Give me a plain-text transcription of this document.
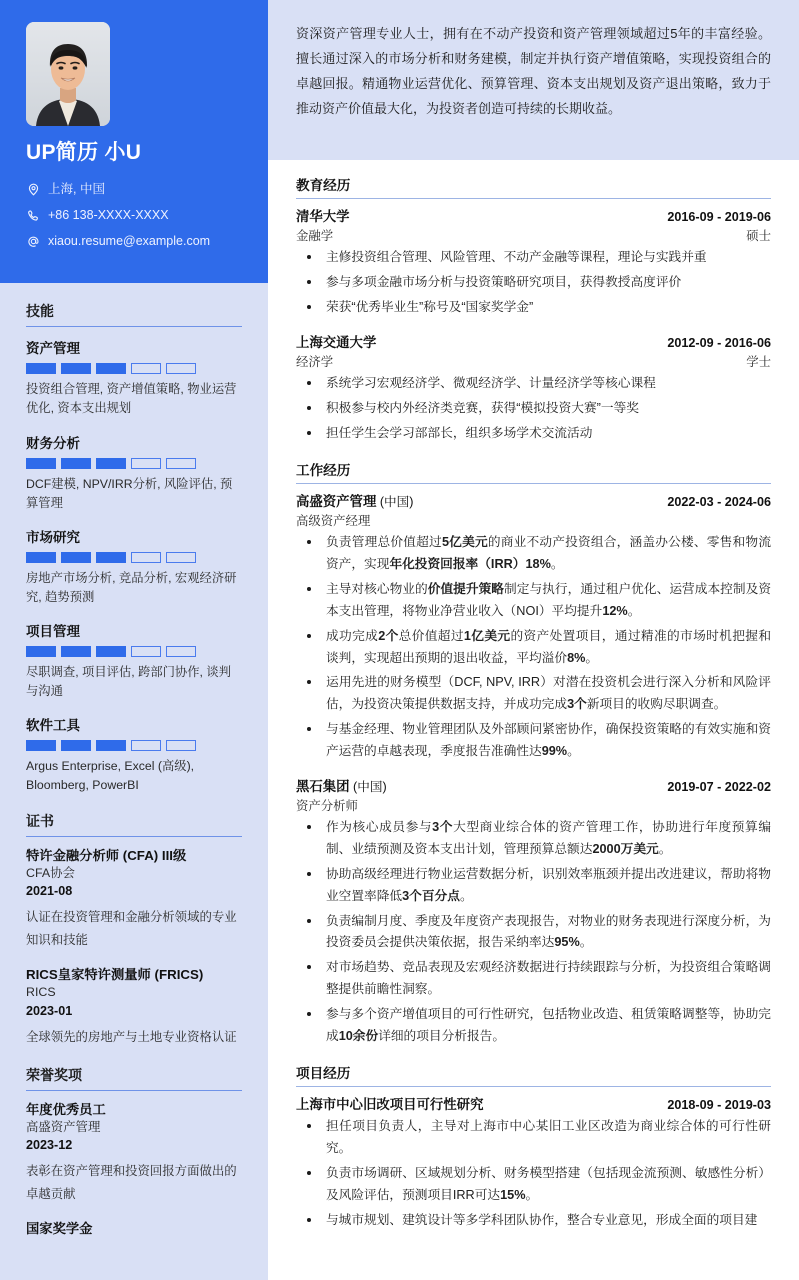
UP简历 小U
上海, 中国
+86 138-XXXX-XXXX
xiaou.resume@example.com
技能
资产管理
投资组合管理, 资产增值策略, 物业运营优化, 资本支出规划
财务分析
DCF建模, NPV/IRR分析, 风险评估, 预算管理
市场研究
房地产市场分析, 竞品分析, 宏观经济研究, 趋势预测
项目管理
尽职调查, 项目评估, 跨部门协作, 谈判与沟通
软件工具
Argus Enterprise, Excel (高级), Bloomberg, PowerBI
证书
特许金融分析师 (CFA) III级
CFA协会
2021-08
认证在投资管理和金融分析领域的专业知识和技能
RICS皇家特许测量师 (FRICS)
RICS
2023-01
全球领先的房地产与土地专业资格认证
荣誉奖项
年度优秀员工
高盛资产管理
2023-12
表彰在资产管理和投资回报方面做出的卓越贡献
国家奖学金
资深资产管理专业人士，拥有在不动产投资和资产管理领域超过5年的丰富经验。擅长通过深入的市场分析和财务建模，制定并执行资产增值策略，实现投资组合的卓越回报。精通物业运营优化、预算管理、资本支出规划及资产退出策略，致力于推动资产价值最大化，为投资者创造可持续的长期收益。
教育经历
清华大学	2016-09 - 2019-06
金融学	硕士
主修投资组合管理、风险管理、不动产金融等课程，理论与实践并重
参与多项金融市场分析与投资策略研究项目，获得教授高度评价
荣获“优秀毕业生”称号及“国家奖学金”
上海交通大学	2012-09 - 2016-06
经济学	学士
系统学习宏观经济学、微观经济学、计量经济学等核心课程
积极参与校内外经济类竞赛，获得“模拟投资大赛”一等奖
担任学生会学习部部长，组织多场学术交流活动
工作经历
高盛资产管理 (中国)	2022-03 - 2024-06
高级资产经理
负责管理总价值超过5亿美元的商业不动产投资组合，涵盖办公楼、零售和物流资产，实现年化投资回报率（IRR）18%。
主导对核心物业的价值提升策略制定与执行，通过租户优化、运营成本控制及资本支出管理，将物业净营业收入（NOI）平均提升12%。
成功完成2个总价值超过1亿美元的资产处置项目，通过精准的市场时机把握和谈判，实现超出预期的退出收益，平均溢价8%。
运用先进的财务模型（DCF, NPV, IRR）对潜在投资机会进行深入分析和风险评估，为投资决策提供数据支持，并成功完成3个新项目的收购尽职调查。
与基金经理、物业管理团队及外部顾问紧密协作，确保投资策略的有效实施和资产运营的卓越表现，季度报告准确性达99%。
黑石集团 (中国)	2019-07 - 2022-02
资产分析师
作为核心成员参与3个大型商业综合体的资产管理工作，协助进行年度预算编制、业绩预测及资本支出计划，管理预算总额达2000万美元。
协助高级经理进行物业运营数据分析，识别效率瓶颈并提出改进建议，帮助将物业空置率降低3个百分点。
负责编制月度、季度及年度资产表现报告，对物业的财务表现进行深度分析，为投资委员会提供决策依据，报告采纳率达95%。
对市场趋势、竞品表现及宏观经济数据进行持续跟踪与分析，为投资组合策略调整提供前瞻性洞察。
参与多个资产增值项目的可行性研究，包括物业改造、租赁策略调整等，协助完成10余份详细的项目分析报告。
项目经历
上海市中心旧改项目可行性研究	2018-09 - 2019-03
担任项目负责人，主导对上海市中心某旧工业区改造为商业综合体的可行性研究。
负责市场调研、区域规划分析、财务模型搭建（包括现金流预测、敏感性分析）及风险评估，预测项目IRR可达15%。
与城市规划、建筑设计等多学科团队协作，整合专业意见，形成全面的项目建
